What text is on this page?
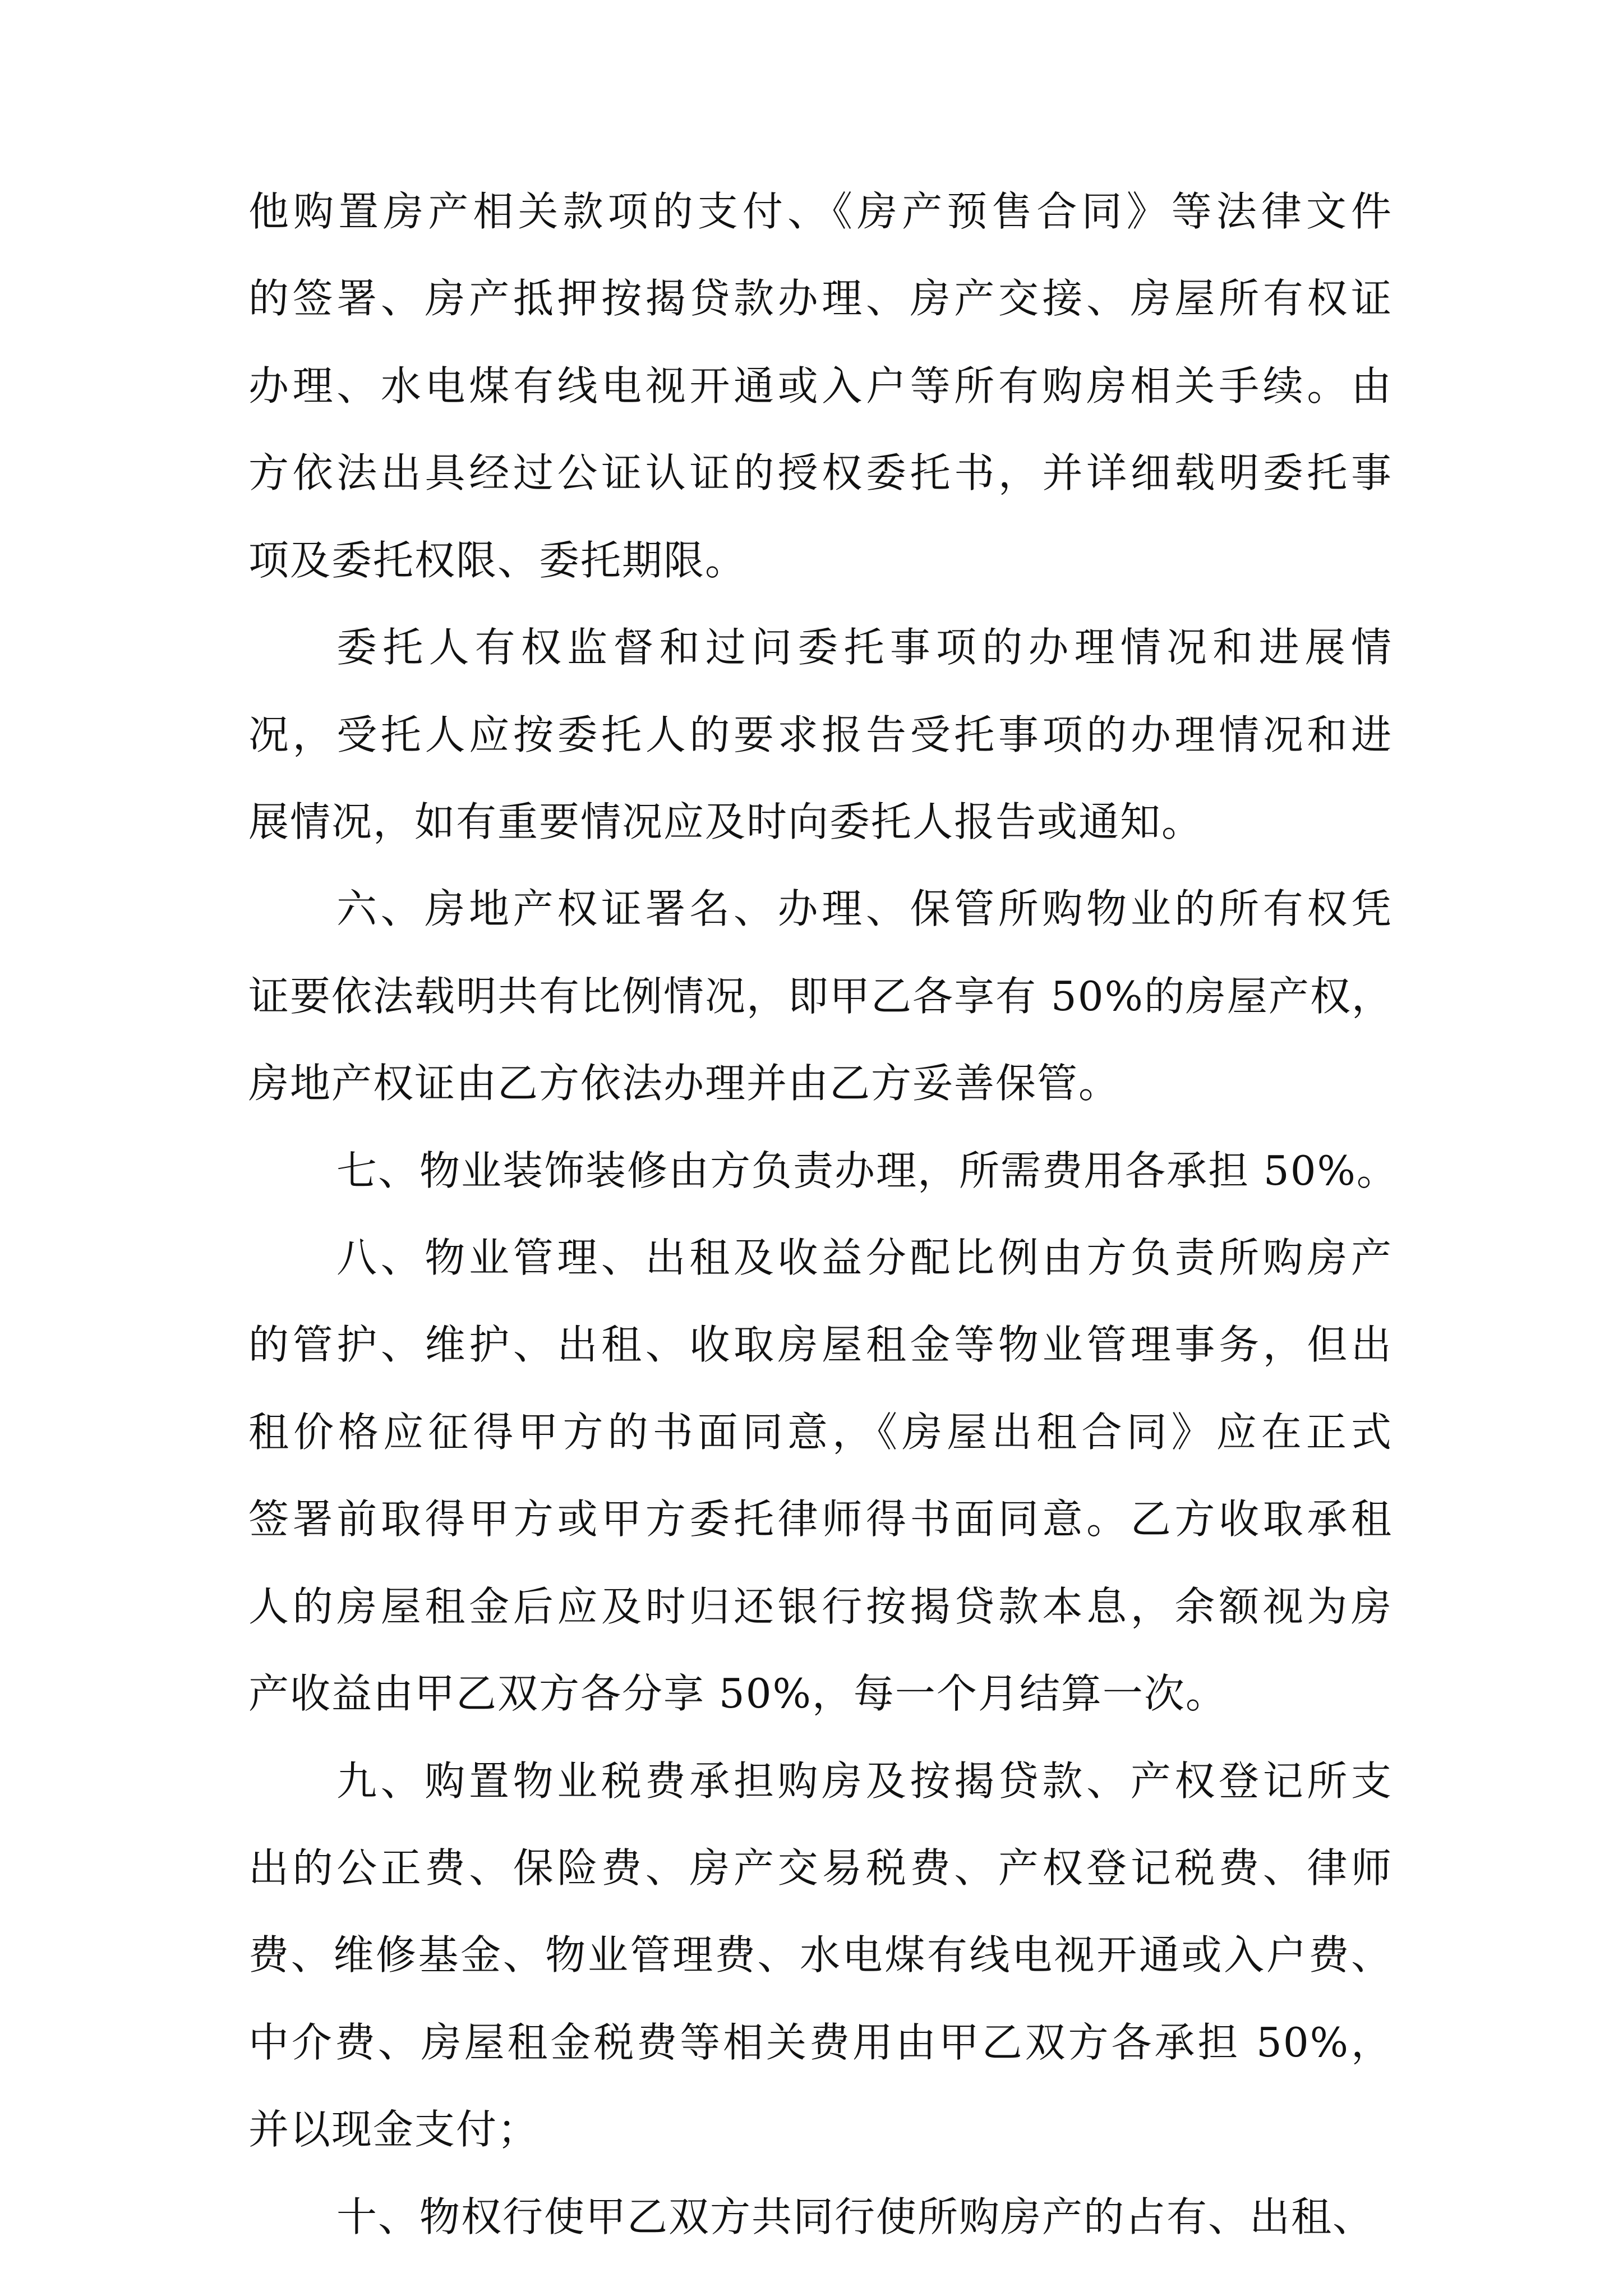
他购置房产相关款项的支付、《房产预售合同》等法律文件
的签署、房产抵押按揭贷款办理、房产交接、房屋所有权证
办理、水电煤有线电视开通或入户等所有购房相关手续。由
方依法出具经过公证认证的授权委托书，并详细载明委托事
项及委托权限、委托期限。
委托人有权监督和过问委托事项的办理情况和进展情
况，受托人应按委托人的要求报告受托事项的办理情况和进
展情况，如有重要情况应及时向委托人报告或通知。
六、房地产权证署名、办理、保管所购物业的所有权凭
证要依法载明共有比例情况，即甲乙各享有 50%的房屋产权，
房地产权证由乙方依法办理并由乙方妥善保管。
七、物业装饰装修由方负责办理，所需费用各承担 50%。
八、物业管理、出租及收益分配比例由方负责所购房产
的管护、维护、出租、收取房屋租金等物业管理事务，但出
租价格应征得甲方的书面同意，《房屋出租合同》应在正式
签署前取得甲方或甲方委托律师得书面同意。乙方收取承租
人的房屋租金后应及时归还银行按揭贷款本息，余额视为房
产收益由甲乙双方各分享 50%，每一个月结算一次。
九、购置物业税费承担购房及按揭贷款、产权登记所支
出的公正费、保险费、房产交易税费、产权登记税费、律师
费、维修基金、物业管理费、水电煤有线电视开通或入户费、
中介费、房屋租金税费等相关费用由甲乙双方各承担 50%，
并以现金支付；
十、物权行使甲乙双方共同行使所购房产的占有、出租、
